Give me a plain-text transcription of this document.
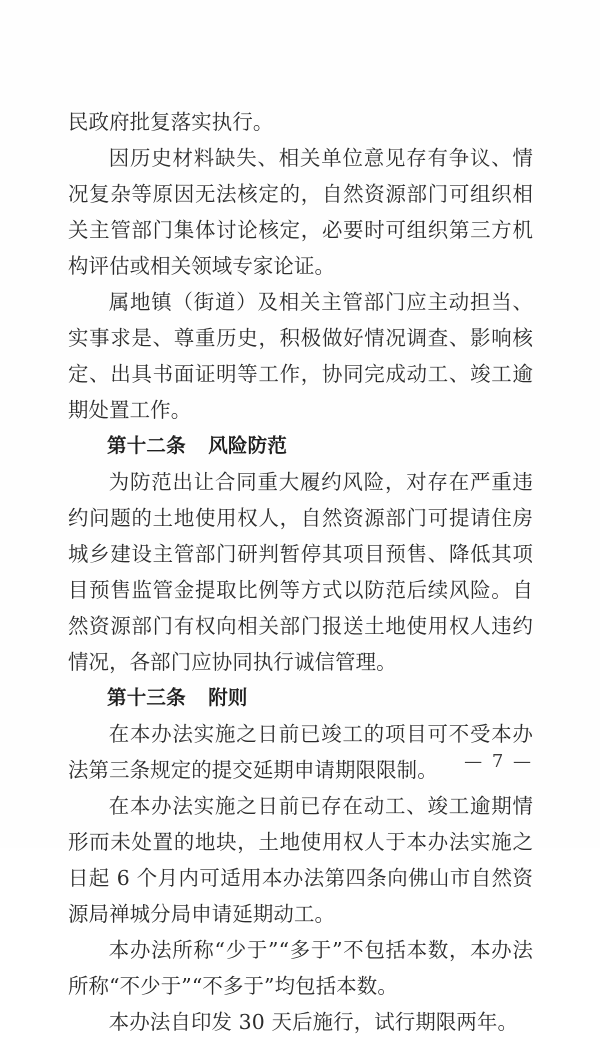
民政府批复落实执行。

因历史材料缺失、相关单位意见存有争议、情况复杂等原因无法核定的，自然资源部门可组织相关主管部门集体讨论核定，必要时可组织第三方机构评估或相关领域专家论证。

属地镇（街道）及相关主管部门应主动担当、实事求是、尊重历史，积极做好情况调查、影响核定、出具书面证明等工作，协同完成动工、竣工逾期处置工作。

第十二条 风险防范

为防范出让合同重大履约风险，对存在严重违约问题的土地使用权人，自然资源部门可提请住房城乡建设主管部门研判暂停其项目预售、降低其项目预售监管金提取比例等方式以防范后续风险。自然资源部门有权向相关部门报送土地使用权人违约情况，各部门应协同执行诚信管理。

第十三条 附则

在本办法实施之日前已竣工的项目可不受本办法第三条规定的提交延期申请期限限制。

在本办法实施之日前已存在动工、竣工逾期情形而未处置的地块，土地使用权人于本办法实施之日起 6 个月内可适用本办法第四条向佛山市自然资源局禅城分局申请延期动工。

本办法所称“少于”“多于”不包括本数，本办法所称“不少于”“不多于”均包括本数。

本办法自印发 30 天后施行，试行期限两年。

— 7 —
